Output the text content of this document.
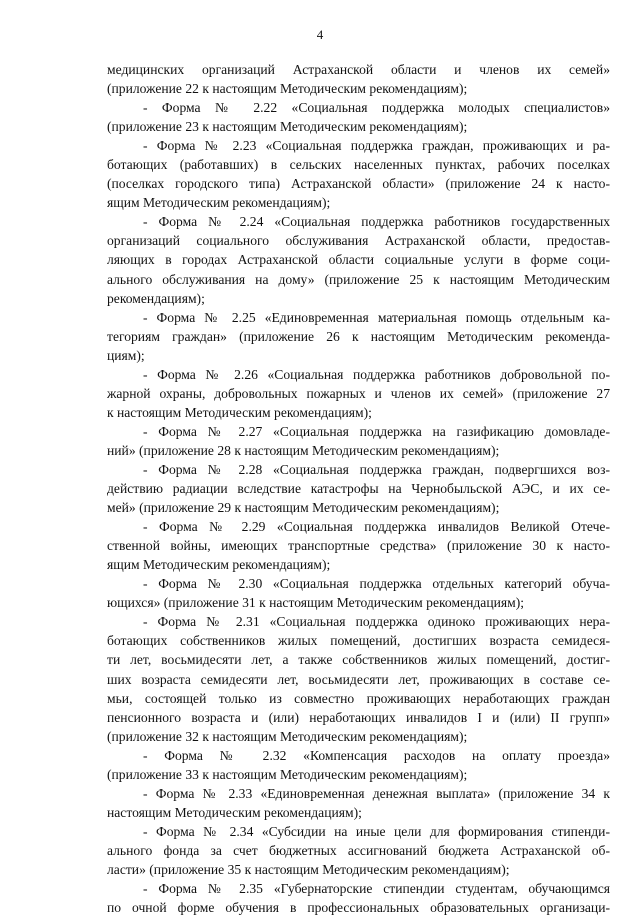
4
медицинских организаций Астраханской области и членов их семей»
(приложение 22 к настоящим Методическим рекомендациям);
- Форма № 2.22 «Социальная поддержка молодых специалистов»
(приложение 23 к настоящим Методическим рекомендациям);
- Форма № 2.23 «Социальная поддержка граждан, проживающих и ра-
ботающих (работавших) в сельских населенных пунктах, рабочих поселках
(поселках городского типа) Астраханской области» (приложение 24 к насто-
ящим Методическим рекомендациям);
- Форма № 2.24 «Социальная поддержка работников государственных
организаций социального обслуживания Астраханской области, предостав-
ляющих в городах Астраханской области социальные услуги в форме соци-
ального обслуживания на дому» (приложение 25 к настоящим Методическим
рекомендациям);
- Форма № 2.25 «Единовременная материальная помощь отдельным ка-
тегориям граждан» (приложение 26 к настоящим Методическим рекоменда-
циям);
- Форма № 2.26 «Социальная поддержка работников добровольной по-
жарной охраны, добровольных пожарных и членов их семей» (приложение 27
к настоящим Методическим рекомендациям);
- Форма № 2.27 «Социальная поддержка на газификацию домовладе-
ний» (приложение 28 к настоящим Методическим рекомендациям);
- Форма № 2.28 «Социальная поддержка граждан, подвергшихся воз-
действию радиации вследствие катастрофы на Чернобыльской АЭС, и их се-
мей» (приложение 29 к настоящим Методическим рекомендациям);
- Форма № 2.29 «Социальная поддержка инвалидов Великой Отече-
ственной войны, имеющих транспортные средства» (приложение 30 к насто-
ящим Методическим рекомендациям);
- Форма № 2.30 «Социальная поддержка отдельных категорий обуча-
ющихся» (приложение 31 к настоящим Методическим рекомендациям);
- Форма № 2.31 «Социальная поддержка одиноко проживающих нера-
ботающих собственников жилых помещений, достигших возраста семидеся-
ти лет, восьмидесяти лет, а также собственников жилых помещений, достиг-
ших возраста семидесяти лет, восьмидесяти лет, проживающих в составе се-
мьи, состоящей только из совместно проживающих неработающих граждан
пенсионного возраста и (или) неработающих инвалидов I и (или) II групп»
(приложение 32 к настоящим Методическим рекомендациям);
- Форма № 2.32 «Компенсация расходов на оплату проезда»
(приложение 33 к настоящим Методическим рекомендациям);
- Форма № 2.33 «Единовременная денежная выплата» (приложение 34 к
настоящим Методическим рекомендациям);
- Форма № 2.34 «Субсидии на иные цели для формирования стипенди-
ального фонда за счет бюджетных ассигнований бюджета Астраханской об-
ласти» (приложение 35 к настоящим Методическим рекомендациям);
- Форма № 2.35 «Губернаторские стипендии студентам, обучающимся
по очной форме обучения в профессиональных образовательных организаци-
